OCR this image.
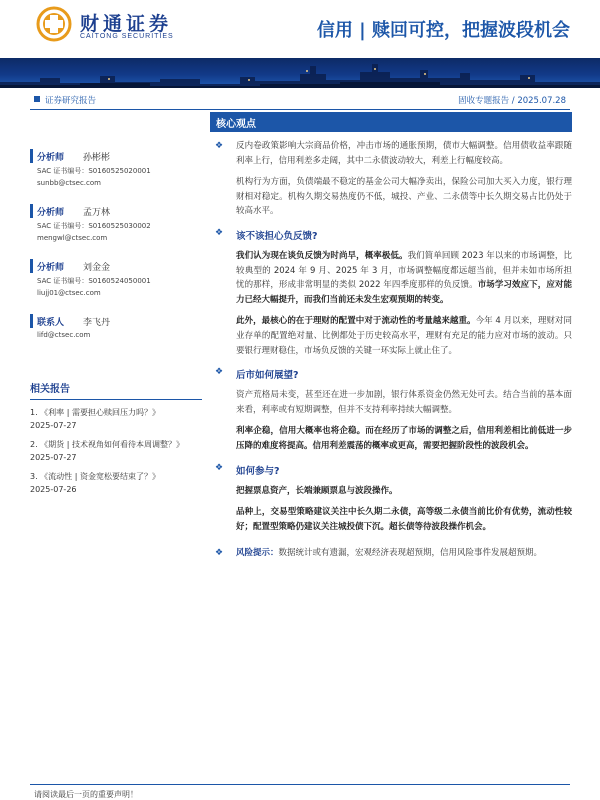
财通证券
CAITONG SECURITIES	信用 | 赎回可控，把握波段机会
证券研究报告	固收专题报告 / 2025.07.28
分析师 孙彬彬
SAC 证书编号：S0160525020001
sunbb@ctsec.com
分析师 孟万林
SAC 证书编号：S0160525030002
mengwl@ctsec.com
分析师 刘金金
SAC 证书编号：S0160524050001
liujj01@ctsec.com
联系人 李飞丹
lifd@ctsec.com
相关报告
1. 《利率 | 需要担心赎回压力吗？》
2025-07-27
2. 《期货 | 技术视角如何看待本周调整？》
2025-07-27
3. 《流动性 | 资金宽松要结束了？》
2025-07-26
核心观点
❖ 反内卷政策影响大宗商品价格，冲击市场的通胀预期，债市大幅调整。信用债收益率跟随利率上行，信用利差多走阔，其中二永债波动较大，利差上行幅度较高。
机构行为方面，负债端最不稳定的基金公司大幅净卖出，保险公司加大买入力度，银行理财相对稳定。机构久期交易热度仍不低，城投、产业、二永债等中长久期交易占比仍处于较高水平。
❖ 该不该担心负反馈?
我们认为现在谈负反馈为时尚早，概率极低。我们简单回顾 2023 年以来的市场调整，比较典型的 2024 年 9 月、2025 年 3 月，市场调整幅度都远超当前，但并未如市场所担忧的那样，形成非常明显的类似 2022 年四季度那样的负反馈。市场学习效应下，应对能力已经大幅提升，而我们当前还未发生宏观预期的转变。
此外，最核心的在于理财的配置中对于流动性的考量越来越重。今年 4 月以来，理财对同业存单的配置绝对量、比例都处于历史较高水平，理财有充足的能力应对市场的波动。只要银行理财稳住，市场负反馈的关键一环实际上就止住了。
❖ 后市如何展望?
资产荒格局未变，甚至还在进一步加剧，银行体系资金仍然无处可去。结合当前的基本面来看，利率或有短期调整，但并不支持利率持续大幅调整。
利率企稳，信用大概率也将企稳。而在经历了市场的调整之后，信用利差相比前低进一步压降的难度将提高。信用利差震荡的概率或更高，需要把握阶段性的波段机会。
❖ 如何参与?
把握票息资产，长端兼顾票息与波段操作。
品种上，交易型策略建议关注中长久期二永债，高等级二永债当前比价有优势，流动性较好；配置型策略仍建议关注城投债下沉。超长债等待波段操作机会。
❖ 风险提示：数据统计或有遗漏，宏观经济表现超预期，信用风险事件发展超预期。
请阅读最后一页的重要声明！
